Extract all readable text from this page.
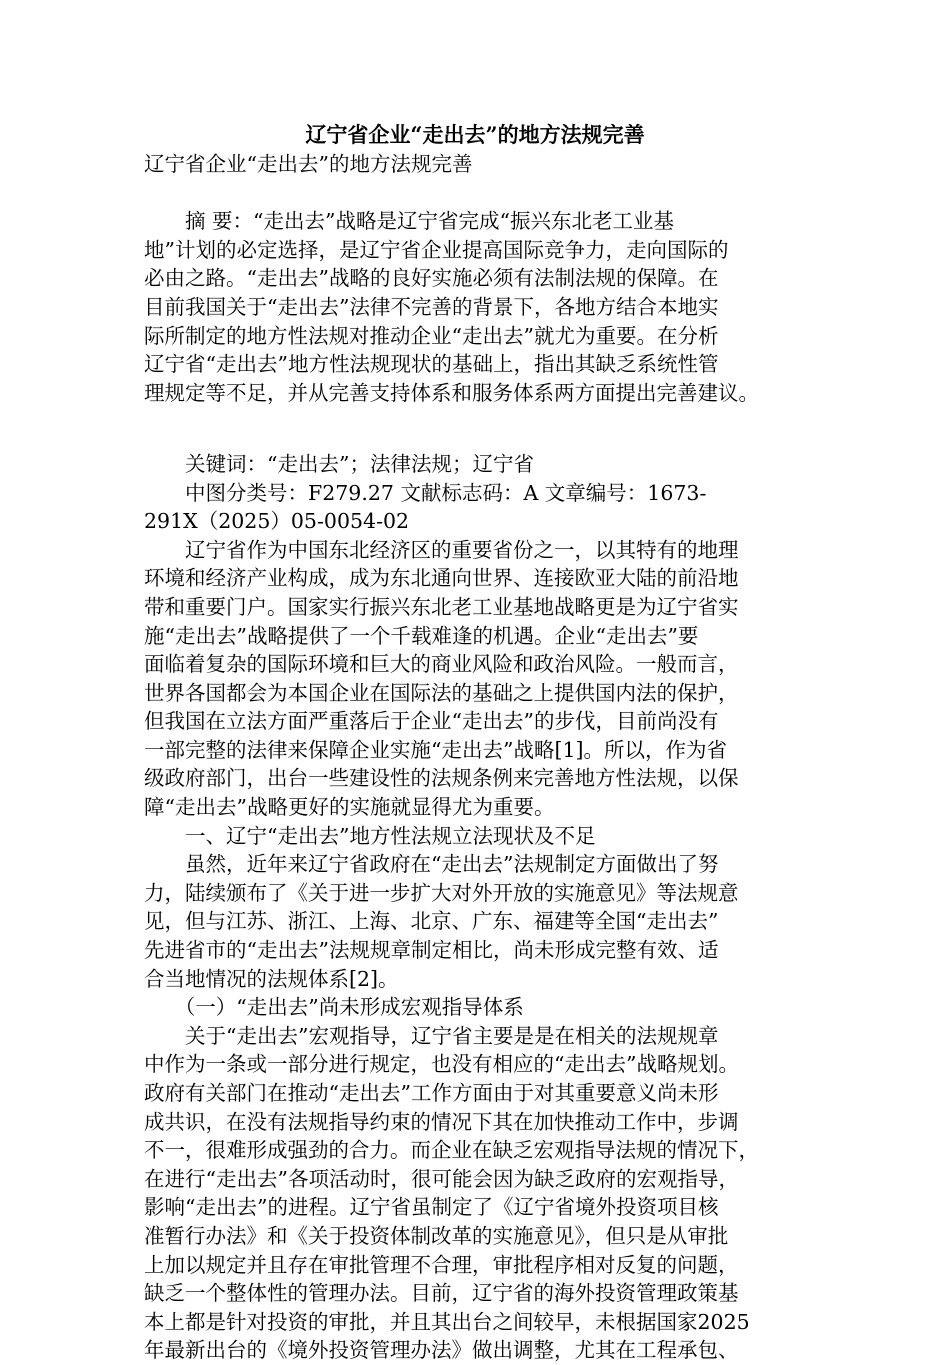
辽宁省企业“走出去”的地方法规完善
辽宁省企业“走出去”的地方法规完善
　　摘 要：“走出去”战略是辽宁省完成“振兴东北老工业基
地”计划的必定选择，是辽宁省企业提高国际竞争力，走向国际的
必由之路。“走出去”战略的良好实施必须有法制法规的保障。在
目前我国关于“走出去”法律不完善的背景下，各地方结合本地实
际所制定的地方性法规对推动企业“走出去”就尤为重要。在分析
辽宁省“走出去”地方性法规现状的基础上，指出其缺乏系统性管
理规定等不足，并从完善支持体系和服务体系两方面提出完善建议。
　　关键词：“走出去”；法律法规；辽宁省
　　中图分类号：F279.27 文献标志码：A 文章编号：1673-
291X（2025）05-0054-02
　　辽宁省作为中国东北经济区的重要省份之一，以其特有的地理
环境和经济产业构成，成为东北通向世界、连接欧亚大陆的前沿地
带和重要门户。国家实行振兴东北老工业基地战略更是为辽宁省实
施“走出去”战略提供了一个千载难逢的机遇。企业“走出去”要
面临着复杂的国际环境和巨大的商业风险和政治风险。一般而言，
世界各国都会为本国企业在国际法的基础之上提供国内法的保护，
但我国在立法方面严重落后于企业“走出去”的步伐，目前尚没有
一部完整的法律来保障企业实施“走出去”战略[1]。所以，作为省
级政府部门，出台一些建设性的法规条例来完善地方性法规，以保
障“走出去”战略更好的实施就显得尤为重要。
　　一、辽宁“走出去”地方性法规立法现状及不足
　　虽然，近年来辽宁省政府在“走出去”法规制定方面做出了努
力，陆续颁布了《关于进一步扩大对外开放的实施意见》等法规意
见，但与江苏、浙江、上海、北京、广东、福建等全国“走出去”
先进省市的“走出去”法规规章制定相比，尚未形成完整有效、适
合当地情况的法规体系[2]。
　　（一）“走出去”尚未形成宏观指导体系
　　关于“走出去”宏观指导，辽宁省主要是是在相关的法规规章
中作为一条或一部分进行规定，也没有相应的“走出去”战略规划。
政府有关部门在推动“走出去”工作方面由于对其重要意义尚未形
成共识，在没有法规指导约束的情况下其在加快推动工作中，步调
不一，很难形成强劲的合力。而企业在缺乏宏观指导法规的情况下，
在进行“走出去”各项活动时，很可能会因为缺乏政府的宏观指导，
影响“走出去”的进程。辽宁省虽制定了《辽宁省境外投资项目核
准暂行办法》和《关于投资体制改革的实施意见》，但只是从审批
上加以规定并且存在审批管理不合理，审批程序相对反复的问题，
缺乏一个整体性的管理办法。目前，辽宁省的海外投资管理政策基
本上都是针对投资的审批，并且其出台之间较早，未根据国家2025
年最新出台的《境外投资管理办法》做出调整，尤其在工程承包、
